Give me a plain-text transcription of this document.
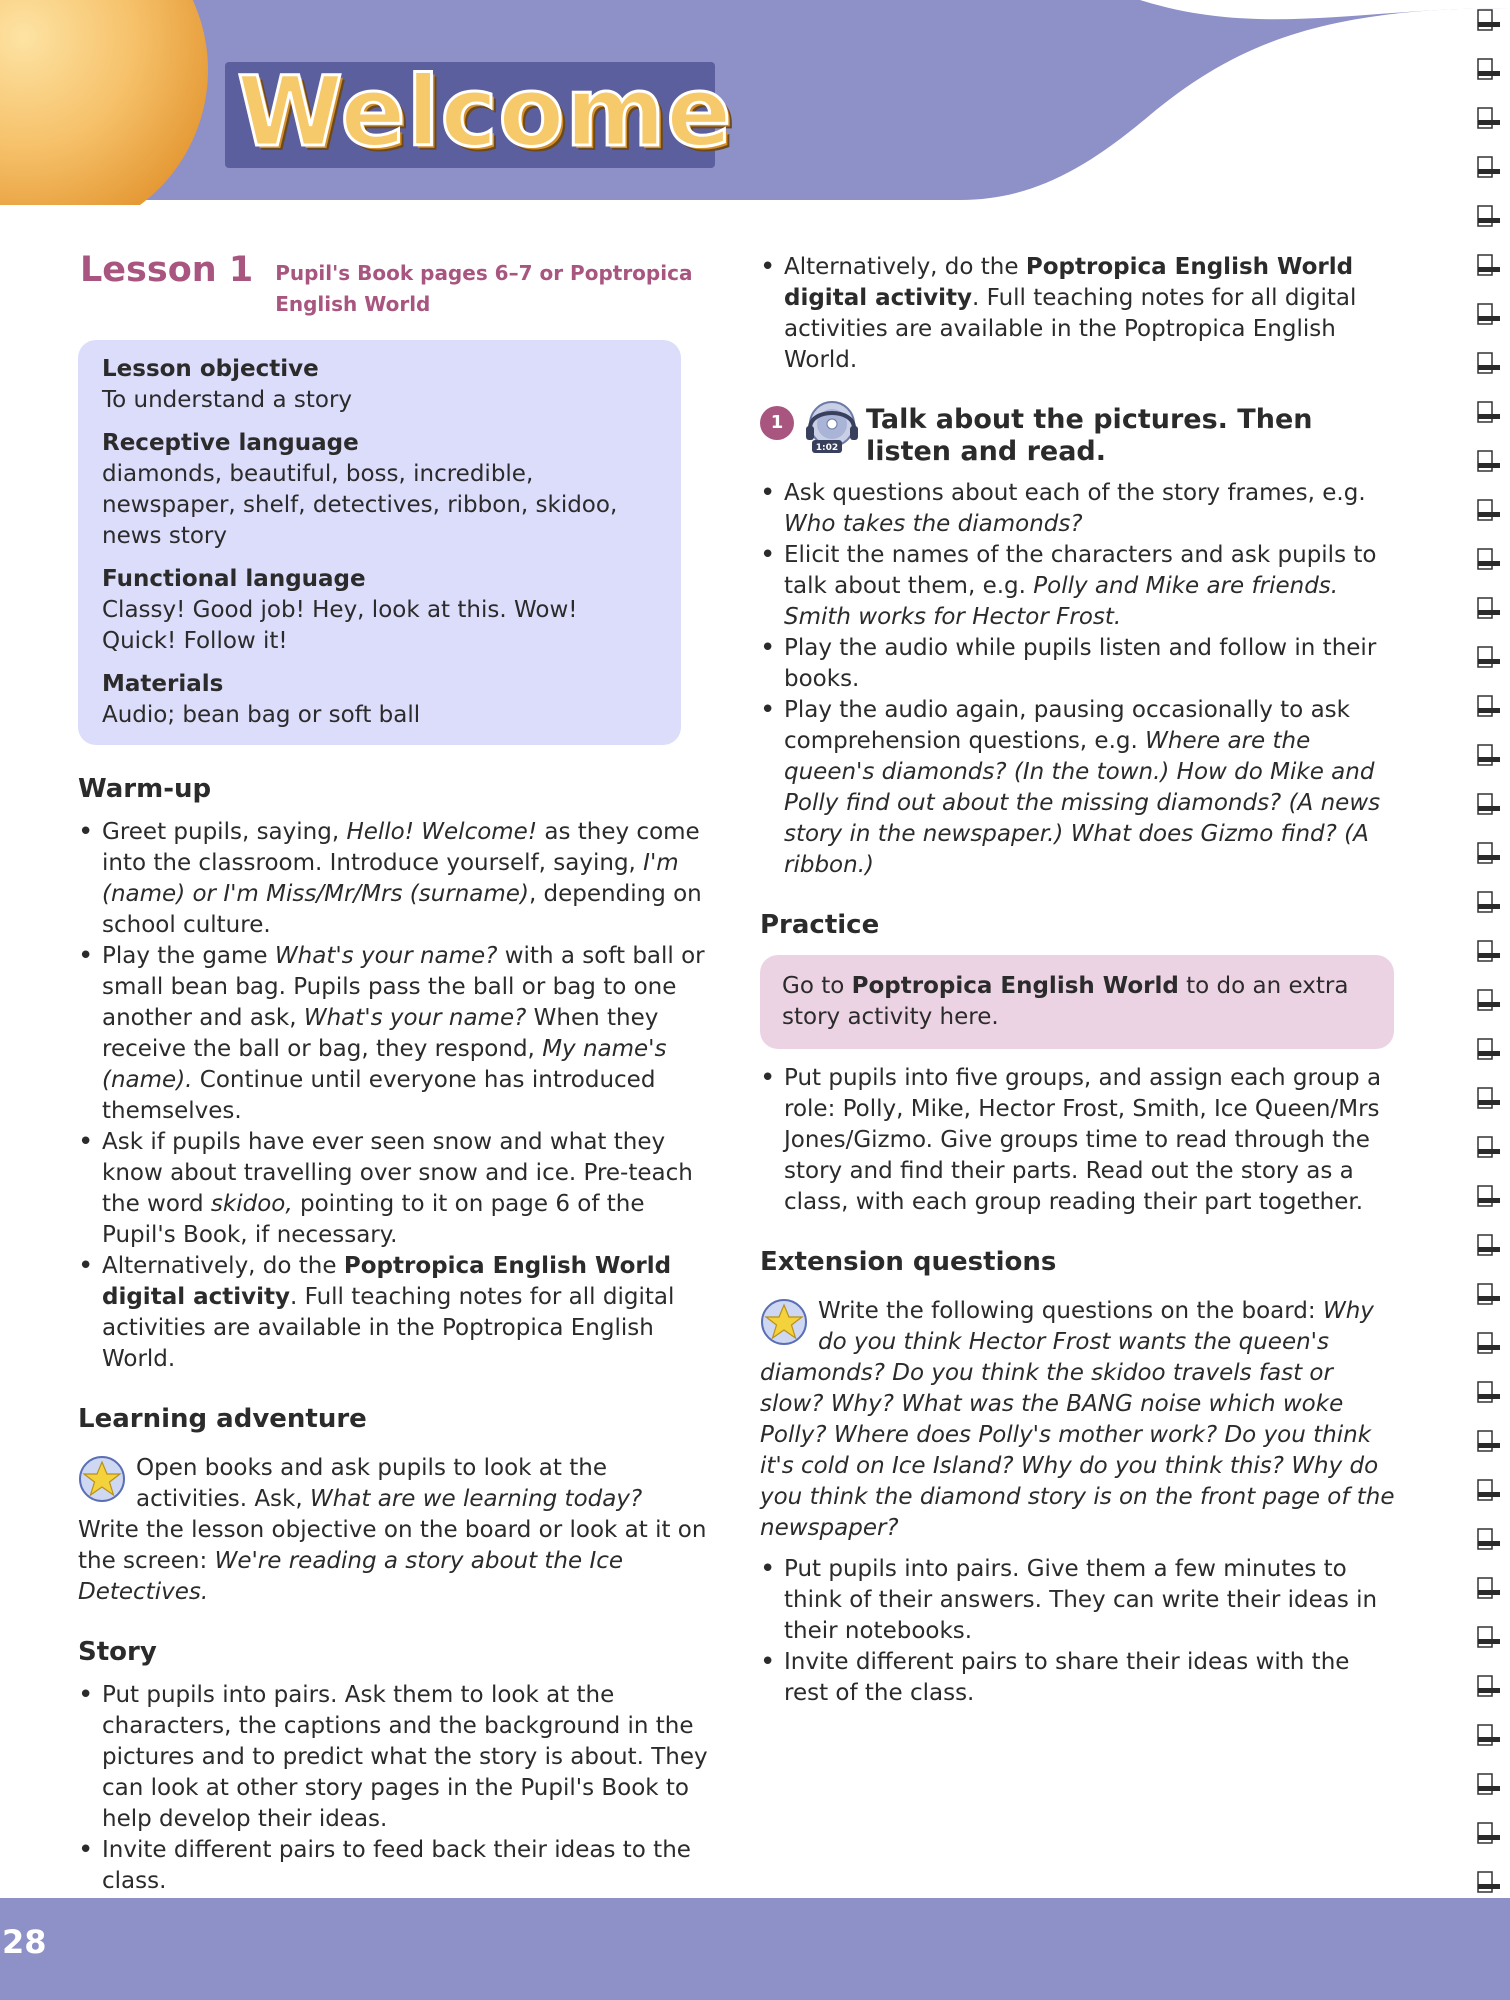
Welcome
Lesson 1 Pupil's Book pages 6–7 or Poptropica English World
Lesson objective
To understand a story
Receptive language
diamonds, beautiful, boss, incredible, newspaper, shelf, detectives, ribbon, skidoo, news story
Functional language
Classy! Good job! Hey, look at this. Wow! Quick! Follow it!
Materials
Audio; bean bag or soft ball
Warm-up
• Greet pupils, saying, Hello! Welcome! as they come into the classroom. Introduce yourself, saying, I'm (name) or I'm Miss/Mr/Mrs (surname), depending on school culture.
• Play the game What's your name? with a soft ball or small bean bag. Pupils pass the ball or bag to one another and ask, What's your name? When they receive the ball or bag, they respond, My name's (name). Continue until everyone has introduced themselves.
• Ask if pupils have ever seen snow and what they know about travelling over snow and ice. Pre-teach the word skidoo, pointing to it on page 6 of the Pupil's Book, if necessary.
• Alternatively, do the Poptropica English World digital activity. Full teaching notes for all digital activities are available in the Poptropica English World.
Learning adventure
Open books and ask pupils to look at the activities. Ask, What are we learning today? Write the lesson objective on the board or look at it on the screen: We're reading a story about the Ice Detectives.
Story
• Put pupils into pairs. Ask them to look at the characters, the captions and the background in the pictures and to predict what the story is about. They can look at other story pages in the Pupil's Book to help develop their ideas.
• Invite different pairs to feed back their ideas to the class.
• Alternatively, do the Poptropica English World digital activity. Full teaching notes for all digital activities are available in the Poptropica English World.
1
1:02
Talk about the pictures. Then listen and read.
• Ask questions about each of the story frames, e.g. Who takes the diamonds?
• Elicit the names of the characters and ask pupils to talk about them, e.g. Polly and Mike are friends. Smith works for Hector Frost.
• Play the audio while pupils listen and follow in their books.
• Play the audio again, pausing occasionally to ask comprehension questions, e.g. Where are the queen's diamonds? (In the town.) How do Mike and Polly find out about the missing diamonds? (A news story in the newspaper.) What does Gizmo find? (A ribbon.)
Practice
Go to Poptropica English World to do an extra story activity here.
• Put pupils into five groups, and assign each group a role: Polly, Mike, Hector Frost, Smith, Ice Queen/Mrs Jones/Gizmo. Give groups time to read through the story and find their parts. Read out the story as a class, with each group reading their part together.
Extension questions
Write the following questions on the board: Why do you think Hector Frost wants the queen's diamonds? Do you think the skidoo travels fast or slow? Why? What was the BANG noise which woke Polly? Where does Polly's mother work? Do you think it's cold on Ice Island? Why do you think this? Why do you think the diamond story is on the front page of the newspaper?
• Put pupils into pairs. Give them a few minutes to think of their answers. They can write their ideas in their notebooks.
• Invite different pairs to share their ideas with the rest of the class.
28
